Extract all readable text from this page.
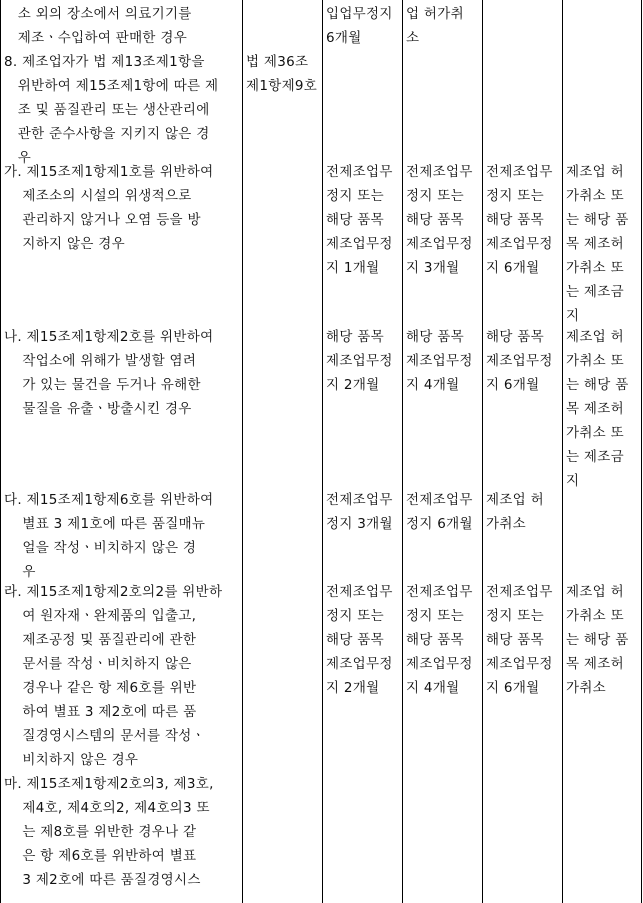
소 외의 장소에서 의료기기를
제조ㆍ수입하여 판매한 경우
8. 제조업자가 법 제13조제1항을
위반하여 제15조제1항에 따른 제
조 및 품질관리 또는 생산관리에
관한 준수사항을 지키지 않은 경
우
법 제36조
제1항제9호
입업무정지
6개월
업 허가취
소
가. 제15조제1항제1호를 위반하여
제조소의 시설의 위생적으로
관리하지 않거나 오염 등을 방
지하지 않은 경우
전제조업무
정지 또는
해당 품목
제조업무정
지 1개월
전제조업무
정지 또는
해당 품목
제조업무정
지 3개월
전제조업무
정지 또는
해당 품목
제조업무정
지 6개월
제조업 허
가취소 또
는 해당 품
목 제조허
가취소 또
는 제조금
지
나. 제15조제1항제2호를 위반하여
작업소에 위해가 발생할 염려
가 있는 물건을 두거나 유해한
물질을 유출ㆍ방출시킨 경우
해당 품목
제조업무정
지 2개월
해당 품목
제조업무정
지 4개월
해당 품목
제조업무정
지 6개월
제조업 허
가취소 또
는 해당 품
목 제조허
가취소 또
는 제조금
지
다. 제15조제1항제6호를 위반하여
별표 3 제1호에 따른 품질매뉴
얼을 작성ㆍ비치하지 않은 경
우
전제조업무
정지 3개월
전제조업무
정지 6개월
제조업 허
가취소
라. 제15조제1항제2호의2를 위반하
여 원자재ㆍ완제품의 입출고,
제조공정 및 품질관리에 관한
문서를 작성ㆍ비치하지 않은
경우나 같은 항 제6호를 위반
하여 별표 3 제2호에 따른 품
질경영시스템의 문서를 작성ㆍ
비치하지 않은 경우
전제조업무
정지 또는
해당 품목
제조업무정
지 2개월
전제조업무
정지 또는
해당 품목
제조업무정
지 4개월
전제조업무
정지 또는
해당 품목
제조업무정
지 6개월
제조업 허
가취소 또
는 해당 품
목 제조허
가취소
마. 제15조제1항제2호의3, 제3호,
제4호, 제4호의2, 제4호의3 또
는 제8호를 위반한 경우나 같
은 항 제6호를 위반하여 별표
3 제2호에 따른 품질경영시스
